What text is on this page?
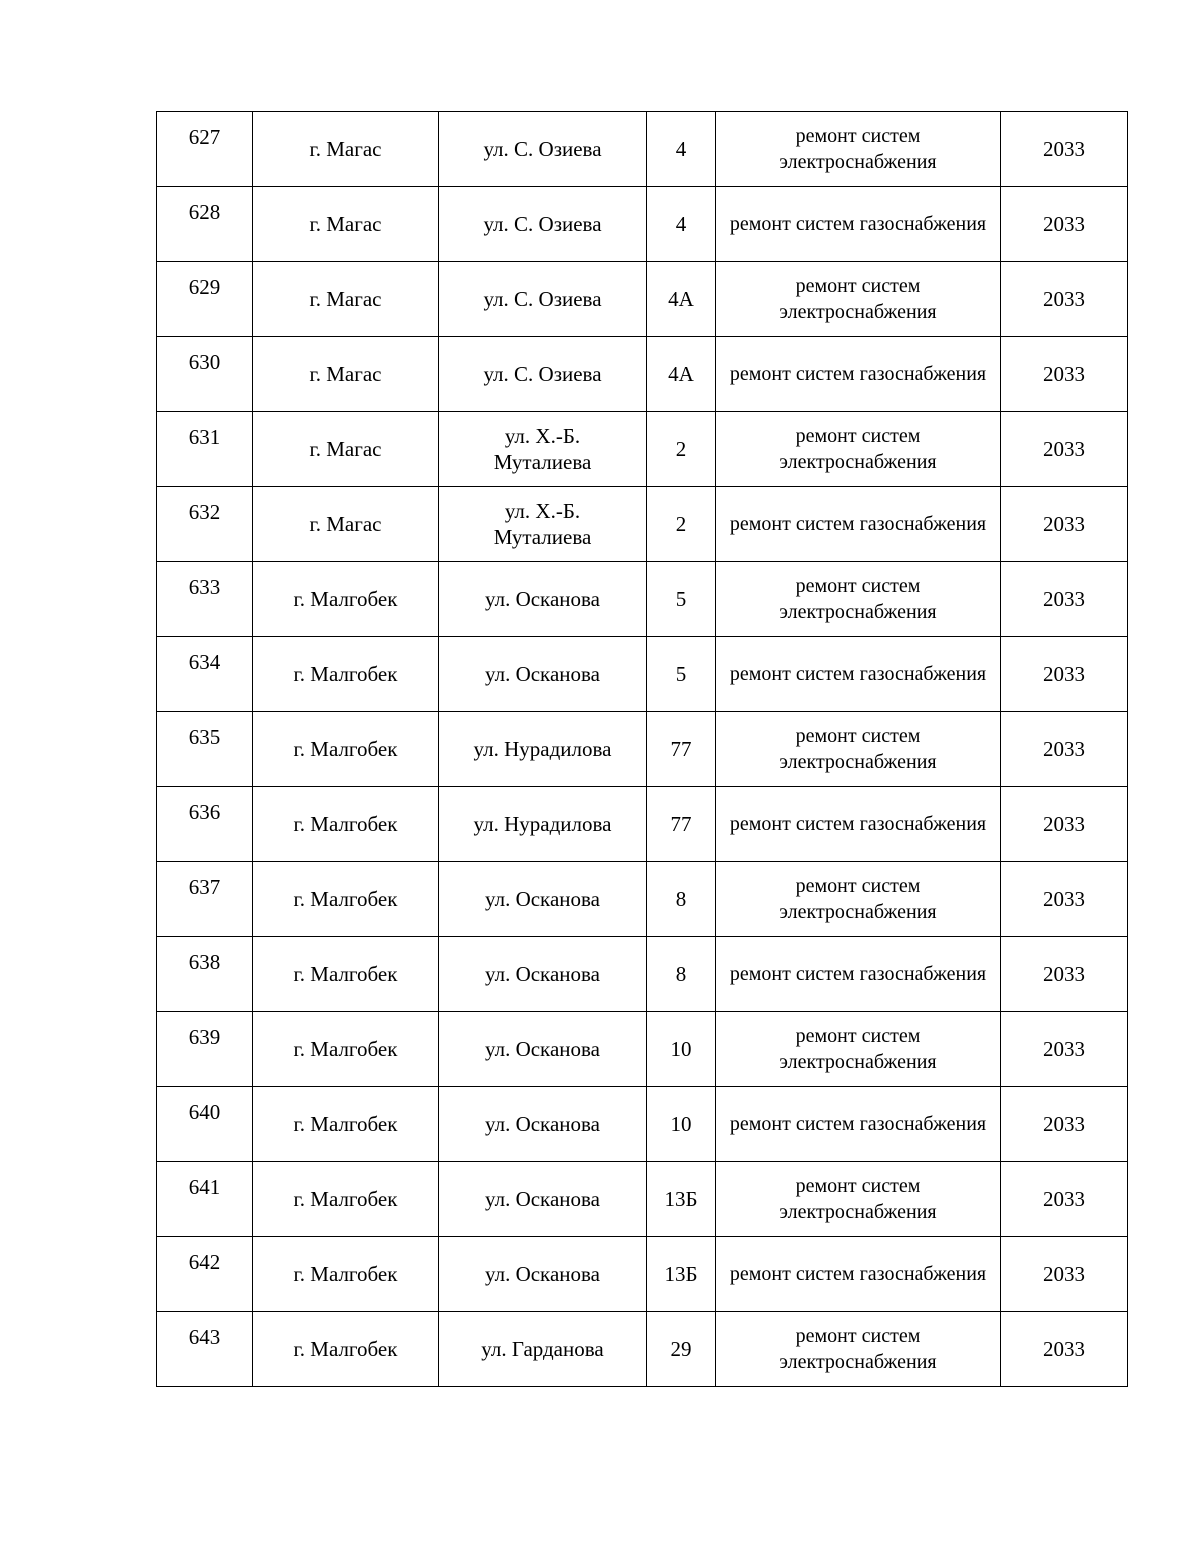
627	г. Магас	ул. С. Озиева	4	ремонт систем электроснабжения	2033
628	г. Магас	ул. С. Озиева	4	ремонт систем газоснабжения	2033
629	г. Магас	ул. С. Озиева	4А	ремонт систем электроснабжения	2033
630	г. Магас	ул. С. Озиева	4А	ремонт систем газоснабжения	2033
631	г. Магас	ул. Х.-Б. Муталиева	2	ремонт систем электроснабжения	2033
632	г. Магас	ул. Х.-Б. Муталиева	2	ремонт систем газоснабжения	2033
633	г. Малгобек	ул. Осканова	5	ремонт систем электроснабжения	2033
634	г. Малгобек	ул. Осканова	5	ремонт систем газоснабжения	2033
635	г. Малгобек	ул. Нурадилова	77	ремонт систем электроснабжения	2033
636	г. Малгобек	ул. Нурадилова	77	ремонт систем газоснабжения	2033
637	г. Малгобек	ул. Осканова	8	ремонт систем электроснабжения	2033
638	г. Малгобек	ул. Осканова	8	ремонт систем газоснабжения	2033
639	г. Малгобек	ул. Осканова	10	ремонт систем электроснабжения	2033
640	г. Малгобек	ул. Осканова	10	ремонт систем газоснабжения	2033
641	г. Малгобек	ул. Осканова	13Б	ремонт систем электроснабжения	2033
642	г. Малгобек	ул. Осканова	13Б	ремонт систем газоснабжения	2033
643	г. Малгобек	ул. Гарданова	29	ремонт систем электроснабжения	2033
